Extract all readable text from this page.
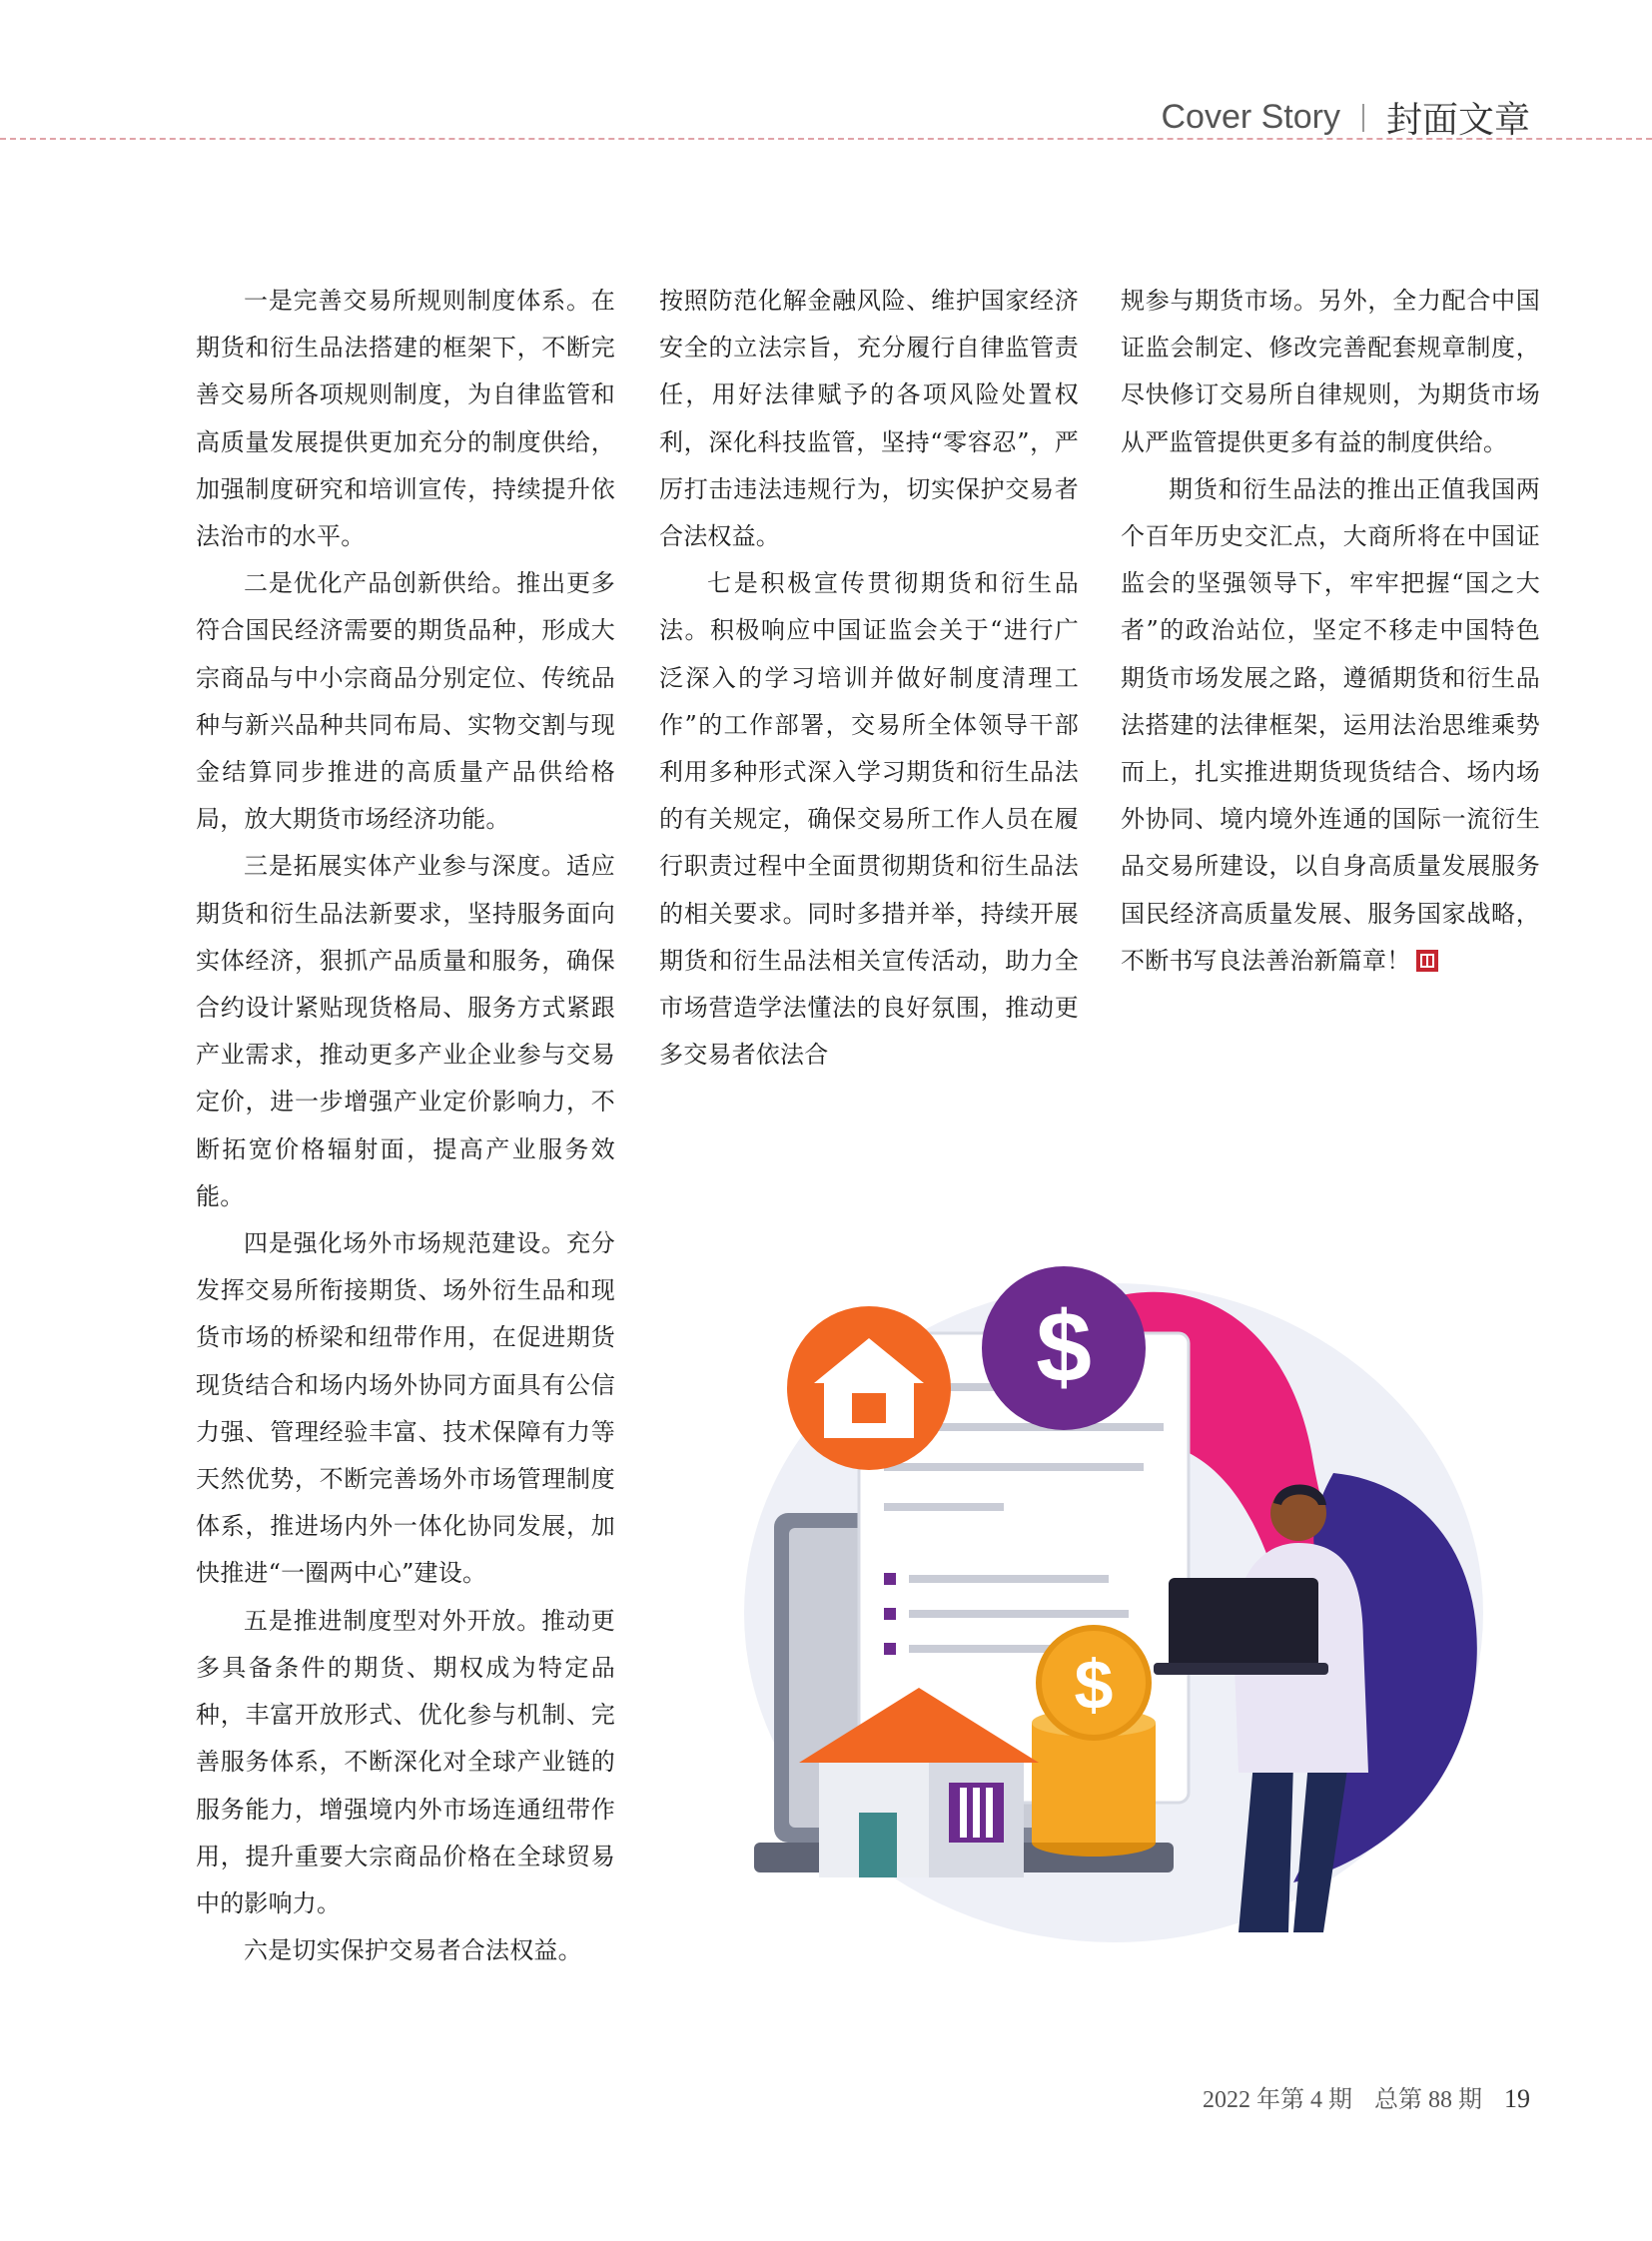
Cover Story 封面文章

一是完善交易所规则制度体系。在期货和衍生品法搭建的框架下，不断完善交易所各项规则制度，为自律监管和高质量发展提供更加充分的制度供给，加强制度研究和培训宣传，持续提升依法治市的水平。

二是优化产品创新供给。推出更多符合国民经济需要的期货品种，形成大宗商品与中小宗商品分别定位、传统品种与新兴品种共同布局、实物交割与现金结算同步推进的高质量产品供给格局，放大期货市场经济功能。

三是拓展实体产业参与深度。适应期货和衍生品法新要求，坚持服务面向实体经济，狠抓产品质量和服务，确保合约设计紧贴现货格局、服务方式紧跟产业需求，推动更多产业企业参与交易定价，进一步增强产业定价影响力，不断拓宽价格辐射面，提高产业服务效能。

四是强化场外市场规范建设。充分发挥交易所衔接期货、场外衍生品和现货市场的桥梁和纽带作用，在促进期货现货结合和场内场外协同方面具有公信力强、管理经验丰富、技术保障有力等天然优势，不断完善场外市场管理制度体系，推进场内外一体化协同发展，加快推进“一圈两中心”建设。

五是推进制度型对外开放。推动更多具备条件的期货、期权成为特定品种，丰富开放形式、优化参与机制、完善服务体系，不断深化对全球产业链的服务能力，增强境内外市场连通纽带作用，提升重要大宗商品价格在全球贸易中的影响力。

六是切实保护交易者合法权益。

按照防范化解金融风险、维护国家经济安全的立法宗旨，充分履行自律监管责任，用好法律赋予的各项风险处置权利，深化科技监管，坚持“零容忍”，严厉打击违法违规行为，切实保护交易者合法权益。

七是积极宣传贯彻期货和衍生品法。积极响应中国证监会关于“进行广泛深入的学习培训并做好制度清理工作”的工作部署，交易所全体领导干部利用多种形式深入学习期货和衍生品法的有关规定，确保交易所工作人员在履行职责过程中全面贯彻期货和衍生品法的相关要求。同时多措并举，持续开展期货和衍生品法相关宣传活动，助力全市场营造学法懂法的良好氛围，推动更多交易者依法合

规参与期货市场。另外，全力配合中国证监会制定、修改完善配套规章制度，尽快修订交易所自律规则，为期货市场从严监管提供更多有益的制度供给。

期货和衍生品法的推出正值我国两个百年历史交汇点，大商所将在中国证监会的坚强领导下，牢牢把握“国之大者”的政治站位，坚定不移走中国特色期货市场发展之路，遵循期货和衍生品法搭建的法律框架，运用法治思维乘势而上，扎实推进期货现货结合、场内场外协同、境内境外连通的国际一流衍生品交易所建设，以自身高质量发展服务国民经济高质量发展、服务国家战略，不断书写良法善治新篇章！

$
$
2022 年第 4 期 总第 88 期 19
